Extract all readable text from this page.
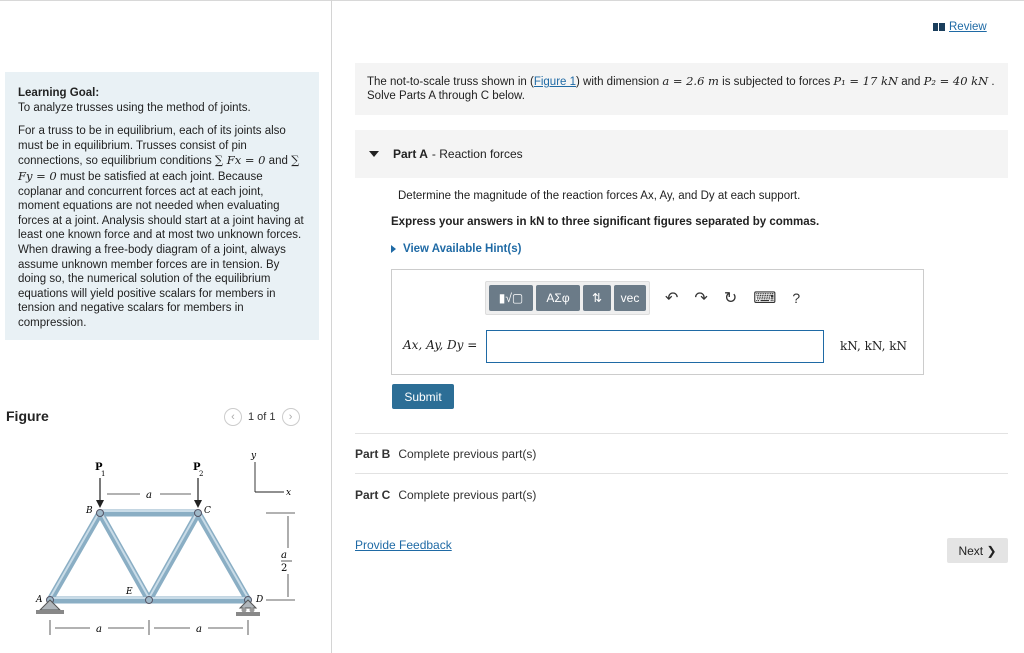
Learning Goal:

To analyze trusses using the method of joints.

For a truss to be in equilibrium, each of its joints also must be in equilibrium. Trusses consist of pin connections, so equilibrium conditions ∑ Fx = 0 and ∑ Fy = 0 must be satisfied at each joint. Because coplanar and concurrent forces act at each joint, moment equations are not needed when evaluating forces at a joint. Analysis should start at a joint having at least one known force and at most two unknown forces. When drawing a free-body diagram of a joint, always assume unknown member forces are in tension. By doing so, the numerical solution of the equilibrium equations will yield positive scalars for members in tension and negative scalars for members in compression.

Figure	‹	1 of 1	›
P
1
P
2
a
B	C
E
A	D
y
x
a
2
a	a
Review
The not-to-scale truss shown in (Figure 1) with dimension a = 2.6 m is subjected to forces P₁ = 17 kN and P₂ = 40 kN . Solve Parts A through C below.
Part A -
Reaction forces
Determine the magnitude of the reaction forces Ax, Ay, and Dy at each support.
Express your answers in kN to three significant figures separated by commas.
View Available Hint(s)
▮√▢	ΑΣφ	⇅	vec	↶ ↷ ↻ ⌨ ?
Ax, Ay, Dy =	kN, kN, kN
Submit
Part B Complete previous part(s)
Part C Complete previous part(s)
Provide Feedback	Next ❯
